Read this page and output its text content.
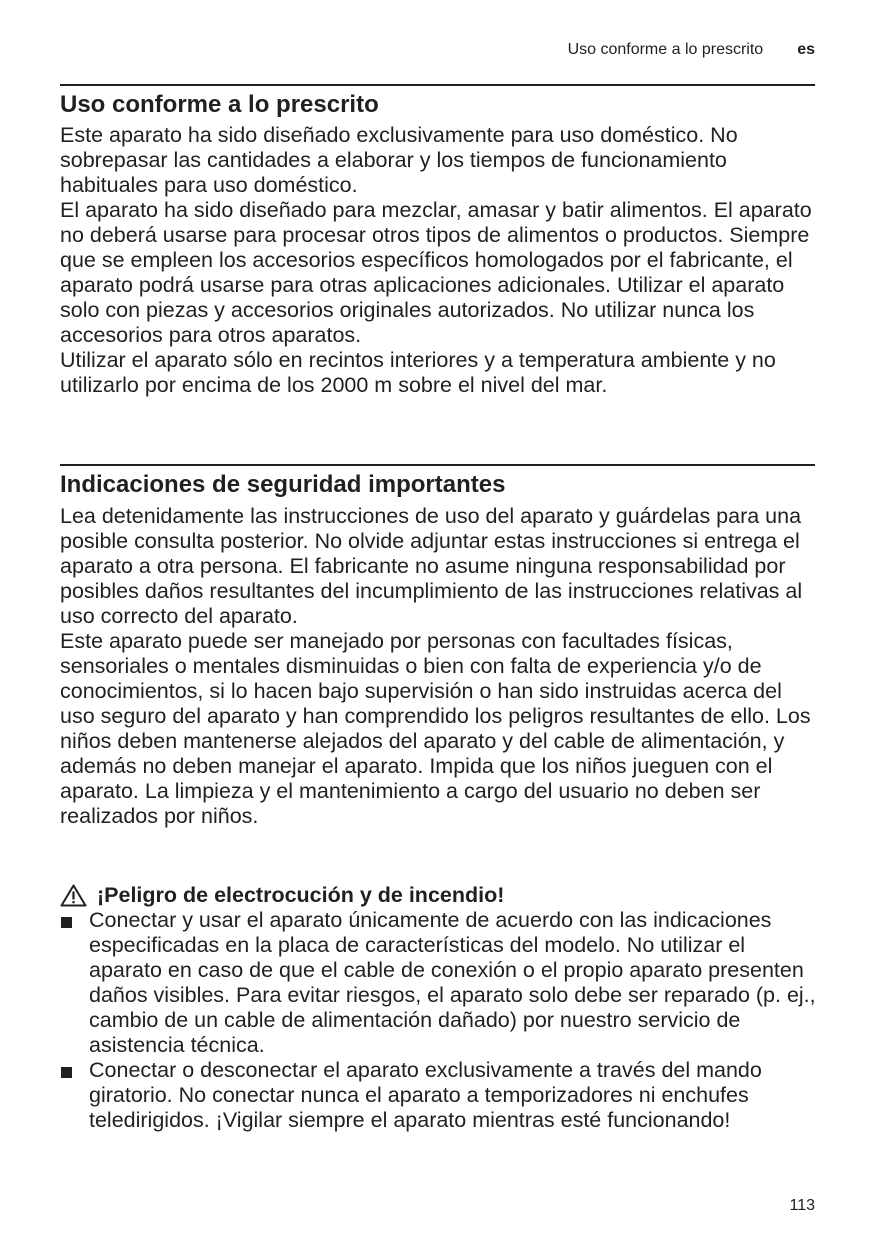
Uso conforme a lo prescrito es
Uso conforme a lo prescrito

Este aparato ha sido diseñado exclusivamente para uso doméstico. No sobrepasar las cantidades a elaborar y los tiempos de funcionamiento habituales para uso doméstico.

El aparato ha sido diseñado para mezclar, amasar y batir alimentos. El aparato no deberá usarse para procesar otros tipos de alimentos o productos. Siempre que se empleen los accesorios específicos homologados por el fabricante, el aparato podrá usarse para otras aplicaciones adicionales. Utilizar el aparato solo con piezas y accesorios originales autorizados. No utilizar nunca los accesorios para otros aparatos.

Utilizar el aparato sólo en recintos interiores y a temperatura ambiente y no utilizarlo por encima de los 2000 m sobre el nivel del mar.

Indicaciones de seguridad importantes

Lea detenidamente las instrucciones de uso del aparato y guárdelas para una posible consulta posterior. No olvide adjuntar estas instrucciones si entrega el aparato a otra persona. El fabricante no asume ninguna responsabilidad por posibles daños resultantes del incumplimiento de las instrucciones relativas al uso correcto del aparato.

Este aparato puede ser manejado por personas con facultades físicas, sensoriales o mentales disminuidas o bien con falta de experiencia y/o de conocimientos, si lo hacen bajo supervisión o han sido instruidas acerca del uso seguro del aparato y han comprendido los peligros resultantes de ello. Los niños deben mantenerse alejados del aparato y del cable de alimentación, y además no deben manejar el aparato. Impida que los niños jueguen con el aparato. La limpieza y el mantenimiento a cargo del usuario no deben ser realizados por niños.

¡Peligro de electrocución y de incendio!
Conectar y usar el aparato únicamente de acuerdo con las indicaciones especificadas en la placa de características del modelo. No utilizar el aparato en caso de que el cable de conexión o el propio aparato presenten daños visibles. Para evitar riesgos, el aparato solo debe ser reparado (p. ej., cambio de un cable de alimentación dañado) por nuestro servicio de asistencia técnica.
Conectar o desconectar el aparato exclusivamente a través del mando giratorio. No conectar nunca el aparato a temporizadores ni enchufes teledirigidos. ¡Vigilar siempre el aparato mientras esté funcionando!
113
